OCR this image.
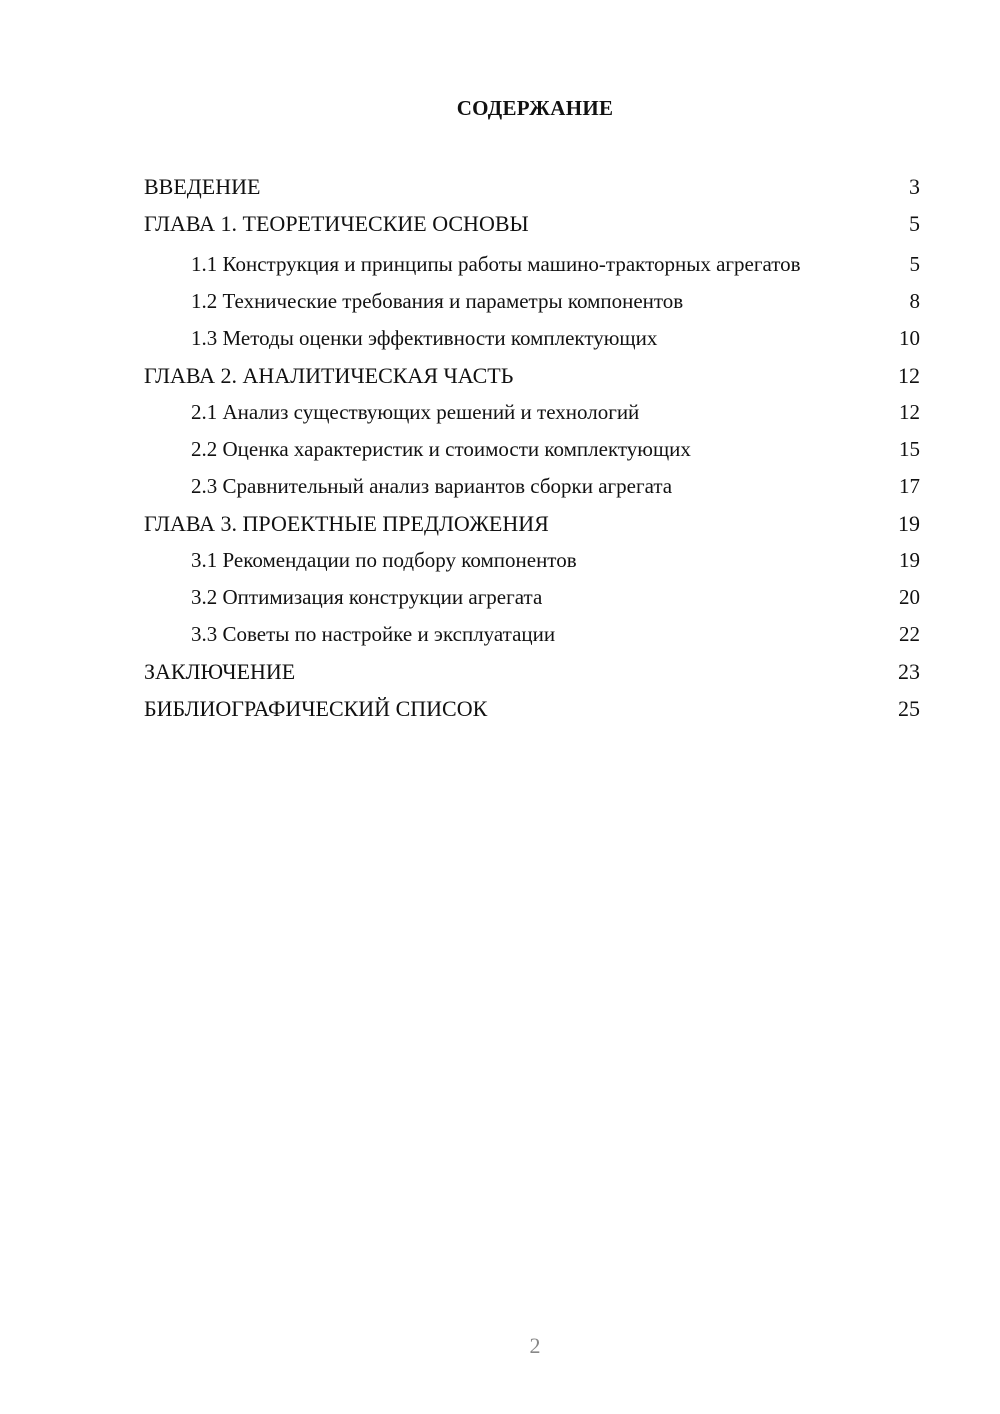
СОДЕРЖАНИЕ
ВВЕДЕНИЕ	3
ГЛАВА 1. ТЕОРЕТИЧЕСКИЕ ОСНОВЫ	5
1.1 Конструкция и принципы работы машино-тракторных агрегатов	5
1.2 Технические требования и параметры компонентов	8
1.3 Методы оценки эффективности комплектующих	10
ГЛАВА 2. АНАЛИТИЧЕСКАЯ ЧАСТЬ	12
2.1 Анализ существующих решений и технологий	12
2.2 Оценка характеристик и стоимости комплектующих	15
2.3 Сравнительный анализ вариантов сборки агрегата	17
ГЛАВА 3. ПРОЕКТНЫЕ ПРЕДЛОЖЕНИЯ	19
3.1 Рекомендации по подбору компонентов	19
3.2 Оптимизация конструкции агрегата	20
3.3 Советы по настройке и эксплуатации	22
ЗАКЛЮЧЕНИЕ	23
БИБЛИОГРАФИЧЕСКИЙ СПИСОК	25
2
